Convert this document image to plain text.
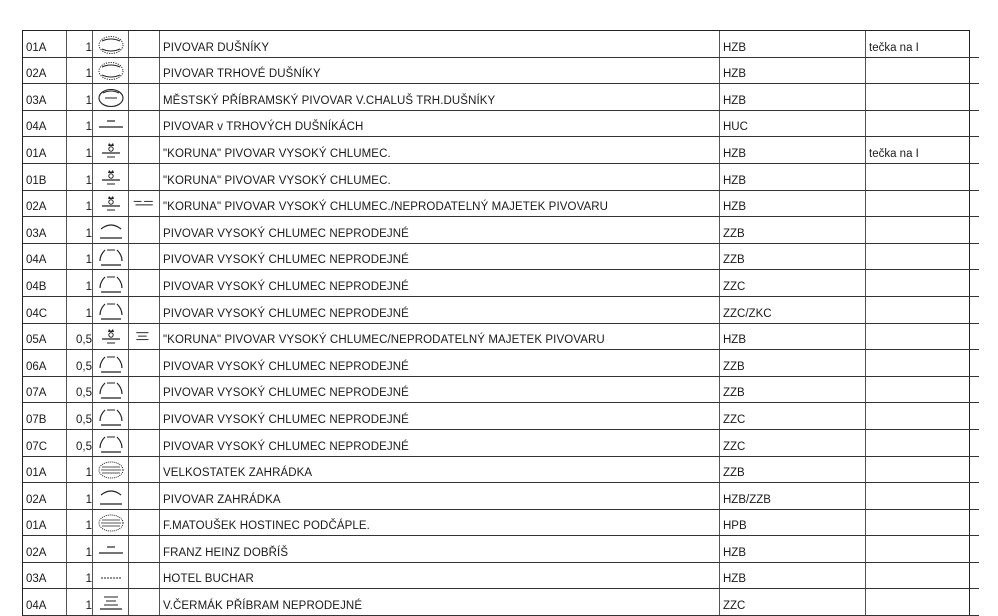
01A	1			PIVOVAR DUŠNÍKY	HZB	tečka na I
02A	1			PIVOVAR TRHOVÉ DUŠNÍKY	HZB	
03A	1			MĚSTSKÝ PŘÍBRAMSKÝ PIVOVAR V.CHALUŠ TRH.DUŠNÍKY	HZB	
04A	1			PIVOVAR v TRHOVÝCH DUŠNÍKÁCH	HUC	
01A	1			"KORUNA" PIVOVAR VYSOKÝ CHLUMEC.	HZB	tečka na I
01B	1			"KORUNA" PIVOVAR VYSOKÝ CHLUMEC.	HZB	
02A	1			"KORUNA" PIVOVAR VYSOKÝ CHLUMEC./NEPRODATELNÝ MAJETEK PIVOVARU	HZB	
03A	1			PIVOVAR VYSOKÝ CHLUMEC NEPRODEJNÉ	ZZB	
04A	1			PIVOVAR VYSOKÝ CHLUMEC NEPRODEJNÉ	ZZB	
04B	1			PIVOVAR VYSOKÝ CHLUMEC NEPRODEJNÉ	ZZC	
04C	1			PIVOVAR VYSOKÝ CHLUMEC NEPRODEJNÉ	ZZC/ZKC	
05A	0,5			"KORUNA" PIVOVAR VYSOKÝ CHLUMEC/NEPRODATELNÝ MAJETEK PIVOVARU	HZB	
06A	0,5			PIVOVAR VYSOKÝ CHLUMEC NEPRODEJNÉ	ZZB	
07A	0,5			PIVOVAR VYSOKÝ CHLUMEC NEPRODEJNÉ	ZZB	
07B	0,5			PIVOVAR VYSOKÝ CHLUMEC NEPRODEJNÉ	ZZC	
07C	0,5			PIVOVAR VYSOKÝ CHLUMEC NEPRODEJNÉ	ZZC	
01A	1			VELKOSTATEK ZAHRÁDKA	ZZB	
02A	1			PIVOVAR ZAHRÁDKA	HZB/ZZB	
01A	1			F.MATOUŠEK HOSTINEC PODČÁPLE.	HPB	
02A	1			FRANZ HEINZ DOBŘÍŠ	HZB	
03A	1			HOTEL BUCHAR	HZB	
04A	1			V.ČERMÁK PŘÍBRAM NEPRODEJNÉ	ZZC	
